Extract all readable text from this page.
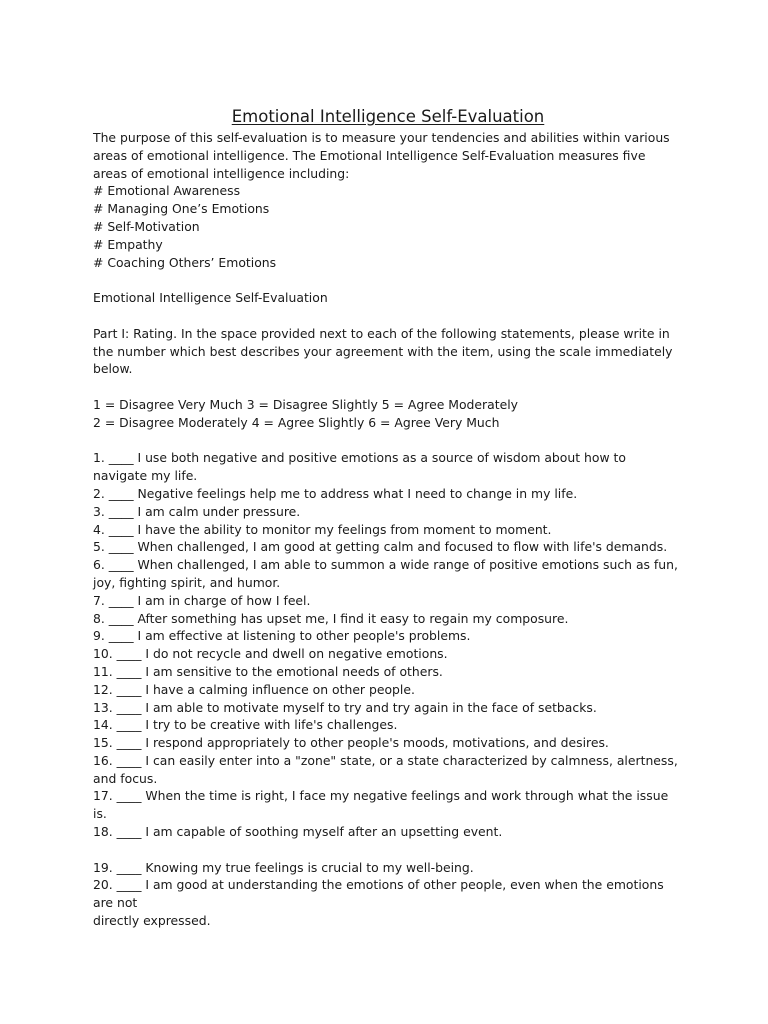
Emotional Intelligence Self-Evaluation

The purpose of this self-evaluation is to measure your tendencies and abilities within various areas of emotional intelligence. The Emotional Intelligence Self-Evaluation measures five areas of emotional intelligence including:

# Emotional Awareness

# Managing One’s Emotions

# Self-Motivation

# Empathy

# Coaching Others’ Emotions

Emotional Intelligence Self-Evaluation

Part I: Rating. In the space provided next to each of the following statements, please write in the number which best describes your agreement with the item, using the scale immediately below.

1 = Disagree Very Much 3 = Disagree Slightly 5 = Agree Moderately

2 = Disagree Moderately 4 = Agree Slightly 6 = Agree Very Much

1. ____ I use both negative and positive emotions as a source of wisdom about how to navigate my life.

2. ____ Negative feelings help me to address what I need to change in my life.

3. ____ I am calm under pressure.

4. ____ I have the ability to monitor my feelings from moment to moment.

5. ____ When challenged, I am good at getting calm and focused to flow with life's demands.

6. ____ When challenged, I am able to summon a wide range of positive emotions such as fun, joy, fighting spirit, and humor.

7. ____ I am in charge of how I feel.

8. ____ After something has upset me, I find it easy to regain my composure.

9. ____ I am effective at listening to other people's problems.

10. ____ I do not recycle and dwell on negative emotions.

11. ____ I am sensitive to the emotional needs of others.

12. ____ I have a calming influence on other people.

13. ____ I am able to motivate myself to try and try again in the face of setbacks.

14. ____ I try to be creative with life's challenges.

15. ____ I respond appropriately to other people's moods, motivations, and desires.

16. ____ I can easily enter into a "zone" state, or a state characterized by calmness, alertness, and focus.

17. ____ When the time is right, I face my negative feelings and work through what the issue is.

18. ____ I am capable of soothing myself after an upsetting event.

19. ____ Knowing my true feelings is crucial to my well-being.

20. ____ I am good at understanding the emotions of other people, even when the emotions are not

directly expressed.
